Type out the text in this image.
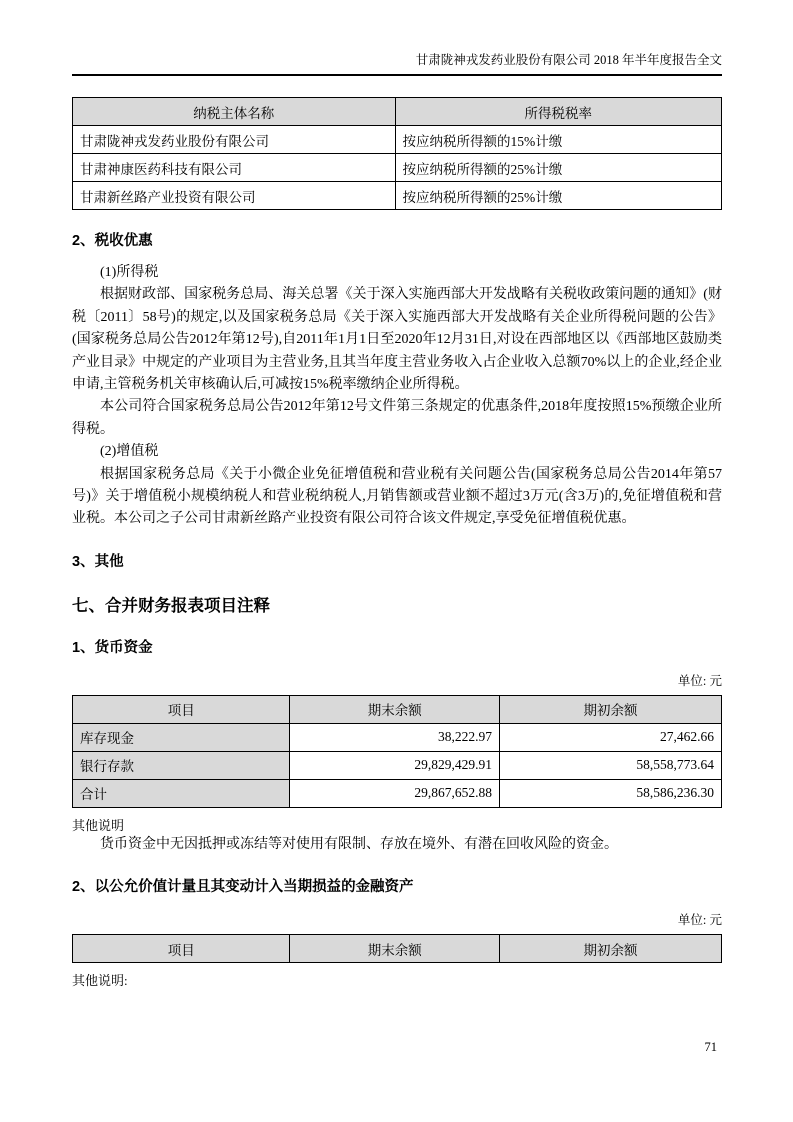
甘肃陇神戎发药业股份有限公司 2018 年半年度报告全文
纳税主体名称	所得税税率
甘肃陇神戎发药业股份有限公司	按应纳税所得额的15%计缴
甘肃神康医药科技有限公司	按应纳税所得额的25%计缴
甘肃新丝路产业投资有限公司	按应纳税所得额的25%计缴
2、税收优惠

(1)所得税

根据财政部、国家税务总局、海关总署《关于深入实施西部大开发战略有关税收政策问题的通知》(财税〔2011〕58号)的规定,以及国家税务总局《关于深入实施西部大开发战略有关企业所得税问题的公告》(国家税务总局公告2012年第12号),自2011年1月1日至2020年12月31日,对设在西部地区以《西部地区鼓励类产业目录》中规定的产业项目为主营业务,且其当年度主营业务收入占企业收入总额70%以上的企业,经企业申请,主管税务机关审核确认后,可减按15%税率缴纳企业所得税。

本公司符合国家税务总局公告2012年第12号文件第三条规定的优惠条件,2018年度按照15%预缴企业所得税。

(2)增值税

根据国家税务总局《关于小微企业免征增值税和营业税有关问题公告(国家税务总局公告2014年第57号)》关于增值税小规模纳税人和营业税纳税人,月销售额或营业额不超过3万元(含3万)的,免征增值税和营业税。本公司之子公司甘肃新丝路产业投资有限公司符合该文件规定,享受免征增值税优惠。

3、其他
七、合并财务报表项目注释
1、货币资金
单位: 元
项目	期末余额	期初余额
库存现金	38,222.97	27,462.66
银行存款	29,829,429.91	58,558,773.64
合计	29,867,652.88	58,586,236.30
其他说明

货币资金中无因抵押或冻结等对使用有限制、存放在境外、有潜在回收风险的资金。

2、以公允价值计量且其变动计入当期损益的金融资产
单位: 元
项目	期末余额	期初余额
其他说明:
71
